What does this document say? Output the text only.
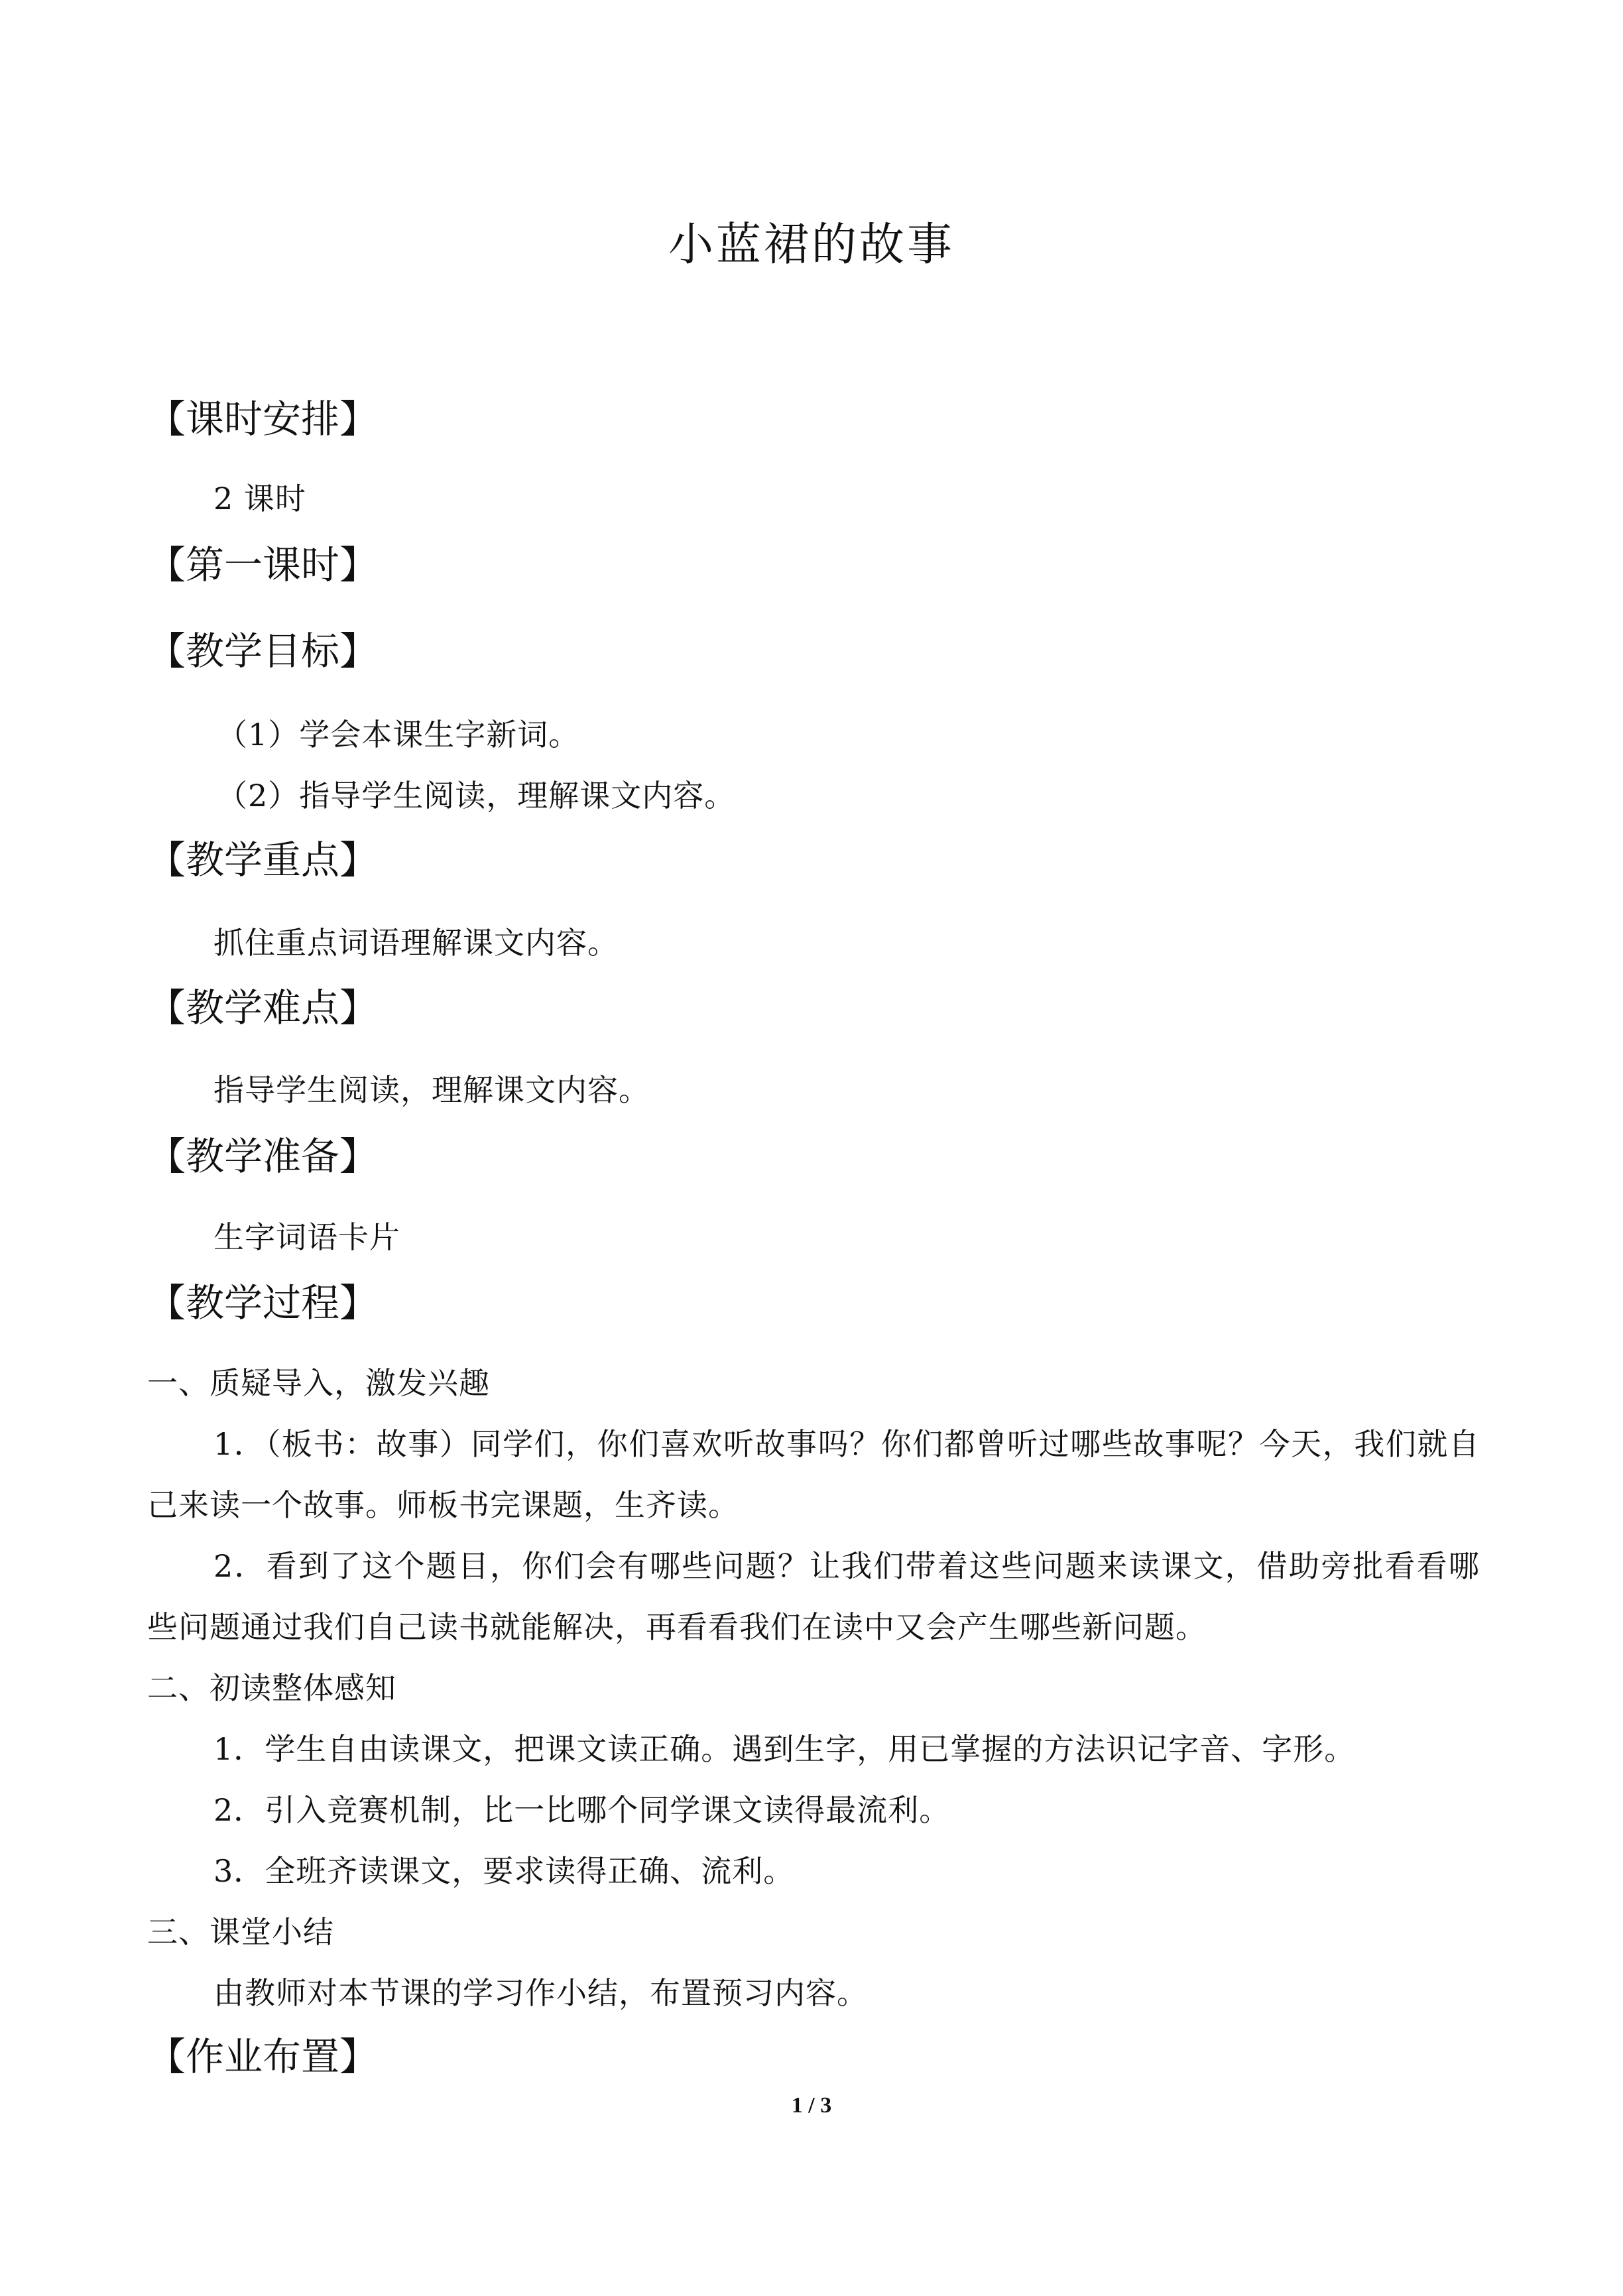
小蓝裙的故事
【课时安排】
2 课时
【第一课时】
【教学目标】
（1）学会本课生字新词。
（2）指导学生阅读，理解课文内容。
【教学重点】
抓住重点词语理解课文内容。
【教学难点】
指导学生阅读，理解课文内容。
【教学准备】
生字词语卡片
【教学过程】
一、质疑导入，激发兴趣
1．（板书：故事）同学们，你们喜欢听故事吗？你们都曾听过哪些故事呢？今天，我们就自己来读一个故事。师板书完课题，生齐读。
2．看到了这个题目，你们会有哪些问题？让我们带着这些问题来读课文，借助旁批看看哪些问题通过我们自己读书就能解决，再看看我们在读中又会产生哪些新问题。
二、初读整体感知
1．学生自由读课文，把课文读正确。遇到生字，用已掌握的方法识记字音、字形。
2．引入竞赛机制，比一比哪个同学课文读得最流利。
3．全班齐读课文，要求读得正确、流利。
三、课堂小结
由教师对本节课的学习作小结，布置预习内容。
【作业布置】
1 / 3
